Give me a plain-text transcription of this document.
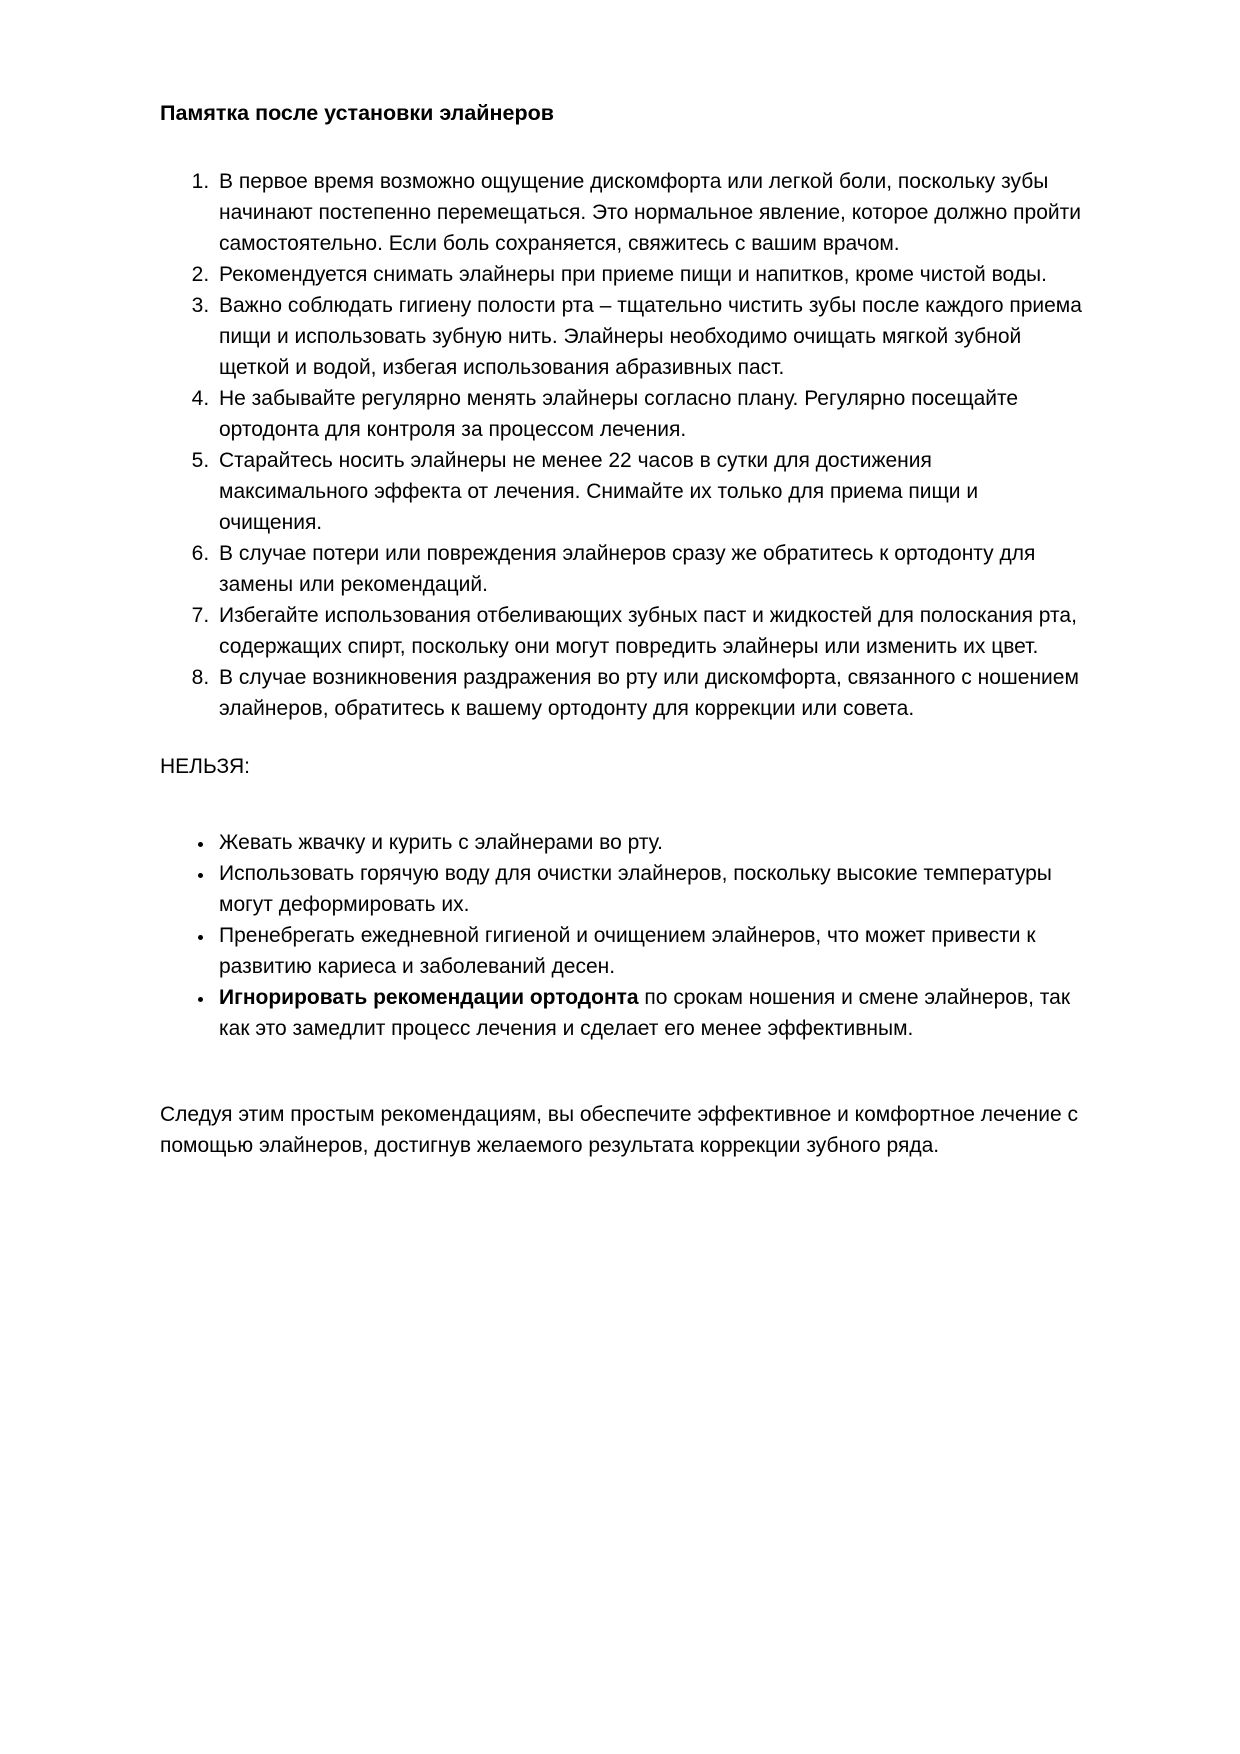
Памятка после установки элайнеров
1. В первое время возможно ощущение дискомфорта или легкой боли, поскольку зубы начинают постепенно перемещаться. Это нормальное явление, которое должно пройти самостоятельно. Если боль сохраняется, свяжитесь с вашим врачом.
2. Рекомендуется снимать элайнеры при приеме пищи и напитков, кроме чистой воды.
3. Важно соблюдать гигиену полости рта – тщательно чистить зубы после каждого приема пищи и использовать зубную нить. Элайнеры необходимо очищать мягкой зубной щеткой и водой, избегая использования абразивных паст.
4. Не забывайте регулярно менять элайнеры согласно плану. Регулярно посещайте ортодонта для контроля за процессом лечения.
5. Старайтесь носить элайнеры не менее 22 часов в сутки для достижения максимального эффекта от лечения. Снимайте их только для приема пищи и очищения.
6. В случае потери или повреждения элайнеров сразу же обратитесь к ортодонту для замены или рекомендаций.
7. Избегайте использования отбеливающих зубных паст и жидкостей для полоскания рта, содержащих спирт, поскольку они могут повредить элайнеры или изменить их цвет.
8. В случае возникновения раздражения во рту или дискомфорта, связанного с ношением элайнеров, обратитесь к вашему ортодонту для коррекции или совета.

НЕЛЬЗЯ:

• Жевать жвачку и курить с элайнерами во рту.
• Использовать горячую воду для очистки элайнеров, поскольку высокие температуры могут деформировать их.
• Пренебрегать ежедневной гигиеной и очищением элайнеров, что может привести к развитию кариеса и заболеваний десен.
• Игнорировать рекомендации ортодонта по срокам ношения и смене элайнеров, так как это замедлит процесс лечения и сделает его менее эффективным.

Следуя этим простым рекомендациям, вы обеспечите эффективное и комфортное лечение с помощью элайнеров, достигнув желаемого результата коррекции зубного ряда.
